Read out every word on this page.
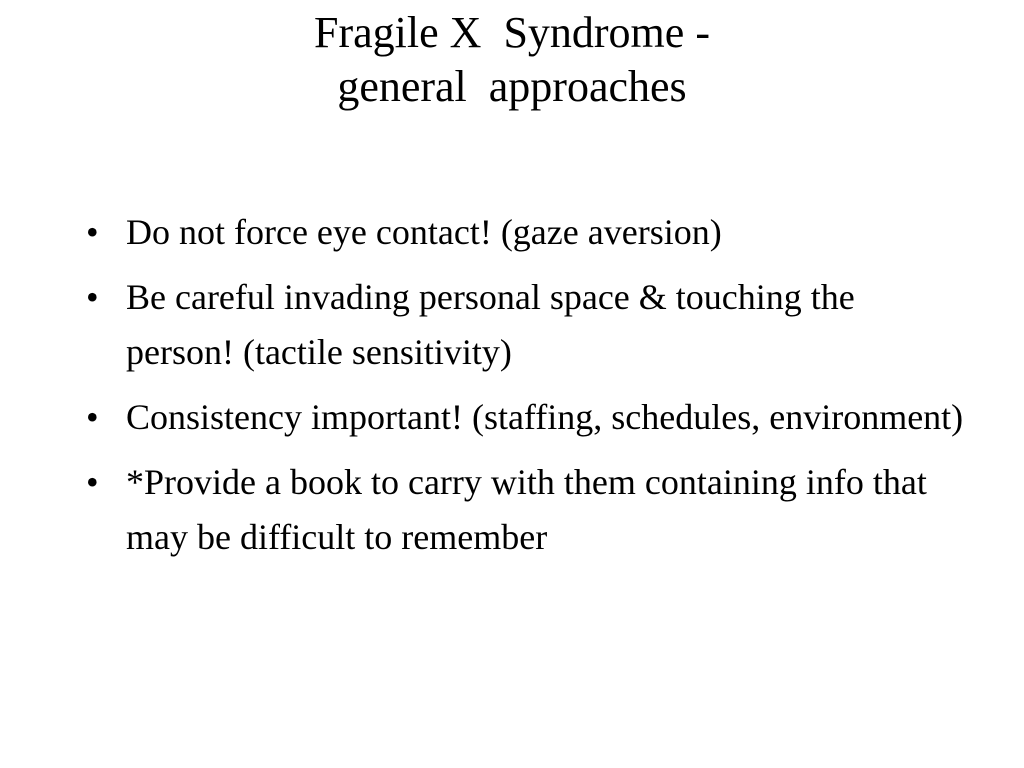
Fragile X  Syndrome -
general  approaches
• Do not force eye contact! (gaze aversion)
• Be careful invading personal space & touching the person! (tactile sensitivity)
• Consistency important! (staffing, schedules, environment)
• *Provide a book to carry with them containing info that may be difficult to remember
